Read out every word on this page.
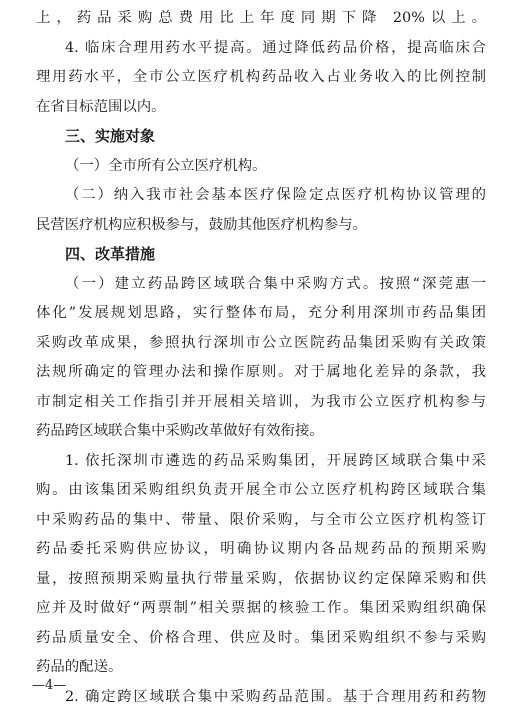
上，药品采购总费用比上年度同期下降 20%以上。
4. 临床合理用药水平提高。通过降低药品价格，提高临床合
理用药水平，全市公立医疗机构药品收入占业务收入的比例控制
在省目标范围以内。
三、实施对象
（一）全市所有公立医疗机构。
（二）纳入我市社会基本医疗保险定点医疗机构协议管理的
民营医疗机构应积极参与，鼓励其他医疗机构参与。
四、改革措施
（一）建立药品跨区域联合集中采购方式。按照“深莞惠一
体化”发展规划思路，实行整体布局，充分利用深圳市药品集团
采购改革成果，参照执行深圳市公立医院药品集团采购有关政策
法规所确定的管理办法和操作原则。对于属地化差异的条款，我
市制定相关工作指引并开展相关培训，为我市公立医疗机构参与
药品跨区域联合集中采购改革做好有效衔接。
1. 依托深圳市遴选的药品采购集团，开展跨区域联合集中采
购。由该集团采购组织负责开展全市公立医疗机构跨区域联合集
中采购药品的集中、带量、限价采购，与全市公立医疗机构签订
药品委托采购供应协议，明确协议期内各品规药品的预期采购
量，按照预期采购量执行带量采购，依据协议约定保障采购和供
应并及时做好“两票制”相关票据的核验工作。集团采购组织确保
药品质量安全、价格合理、供应及时。集团采购组织不参与采购
药品的配送。
2. 确定跨区域联合集中采购药品范围。基于合理用药和药物
—4—
